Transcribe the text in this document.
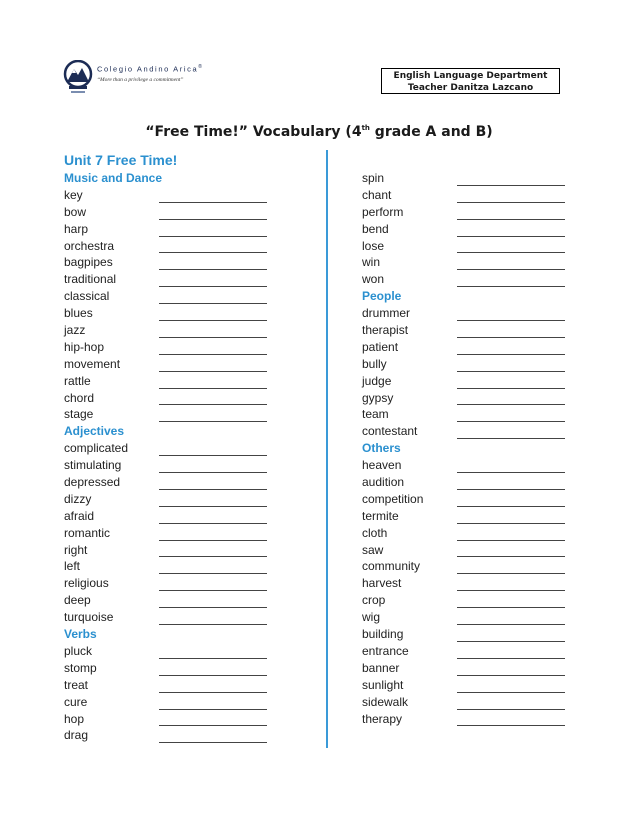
Colegio Andino Arica®
“More than a privilege a commitment”	English Language Department
Teacher Danitza Lazcano
“Free Time!” Vocabulary (4th grade A and B)
Unit 7 Free Time!
Music and Dance
key
bow
harp
orchestra
bagpipes
traditional
classical
blues
jazz
hip-hop
movement
rattle
chord
stage
Adjectives
complicated
stimulating
depressed
dizzy
afraid
romantic
right
left
religious
deep
turquoise
Verbs
pluck
stomp
treat
cure
hop
drag
spin
chant
perform
bend
lose
win
won
People
drummer
therapist
patient
bully
judge
gypsy
team
contestant
Others
heaven
audition
competition
termite
cloth
saw
community
harvest
crop
wig
building
entrance
banner
sunlight
sidewalk
therapy
